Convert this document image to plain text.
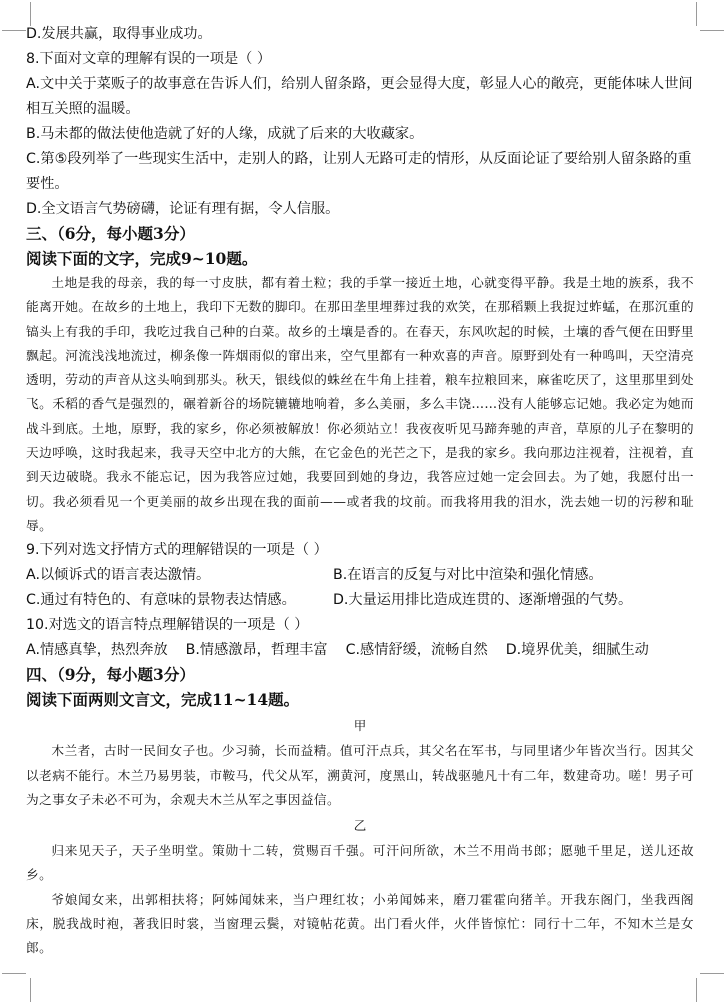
D.发展共赢，取得事业成功。
8.下面对文章的理解有误的一项是（ ）
A.文中关于菜贩子的故事意在告诉人们，给别人留条路，更会显得大度，彰显人心的敞亮，更能体味人世间相互关照的温暖。
B.马未都的做法使他造就了好的人缘，成就了后来的大收藏家。
C.第⑤段列举了一些现实生活中，走别人的路，让别人无路可走的情形，从反面论证了要给别人留条路的重要性。
D.全文语言气势磅礴，论证有理有据，令人信服。
三、（6分，每小题3分）
阅读下面的文字，完成9~10题。

土地是我的母亲，我的每一寸皮肤，都有着土粒；我的手掌一接近土地，心就变得平静。我是土地的族系，我不能离开她。在故乡的土地上，我印下无数的脚印。在那田垄里埋葬过我的欢笑，在那稻颗上我捉过蚱蜢，在那沉重的镐头上有我的手印，我吃过我自己种的白菜。故乡的土壤是香的。在春天，东风吹起的时候，土壤的香气便在田野里飘起。河流浅浅地流过，柳条像一阵烟雨似的窜出来，空气里都有一种欢喜的声音。原野到处有一种鸣叫，天空清亮透明，劳动的声音从这头响到那头。秋天，银线似的蛛丝在牛角上挂着，粮车拉粮回来，麻雀吃厌了，这里那里到处飞。禾稻的香气是强烈的，碾着新谷的场院辘辘地响着，多么美丽，多么丰饶……没有人能够忘记她。我必定为她而战斗到底。土地，原野，我的家乡，你必须被解放！你必须站立！我夜夜听见马蹄奔驰的声音，草原的儿子在黎明的天边呼唤，这时我起来，我寻天空中北方的大熊，在它金色的光芒之下，是我的家乡。我向那边注视着，注视着，直到天边破晓。我永不能忘记，因为我答应过她，我要回到她的身边，我答应过她一定会回去。为了她，我愿付出一切。我必须看见一个更美丽的故乡出现在我的面前——或者我的坟前。而我将用我的泪水，洗去她一切的污秽和耻辱。

9.下列对选文抒情方式的理解错误的一项是（ ）
A.以倾诉式的语言表达激情。	B.在语言的反复与对比中渲染和强化情感。
C.通过有特色的、有意味的景物表达情感。	D.大量运用排比造成连贯的、逐渐增强的气势。
10.对选文的语言特点理解错误的一项是（ ）
A.情感真挚，热烈奔放 B.情感激昂，哲理丰富 C.感情舒缓，流畅自然 D.境界优美，细腻生动
四、（9分，每小题3分）
阅读下面两则文言文，完成11~14题。
甲

木兰者，古时一民间女子也。少习骑，长而益精。值可汗点兵，其父名在军书，与同里诸少年皆次当行。因其父以老病不能行。木兰乃易男装，市鞍马，代父从军，溯黄河，度黑山，转战驱驰凡十有二年，数建奇功。嗟！男子可为之事女子未必不可为，余观夫木兰从军之事因益信。

乙

归来见天子，天子坐明堂。策勋十二转，赏赐百千强。可汗问所欲，木兰不用尚书郎；愿驰千里足，送儿还故乡。

爷娘闻女来，出郭相扶将；阿姊闻妹来，当户理红妆；小弟闻姊来，磨刀霍霍向猪羊。开我东阁门，坐我西阁床，脱我战时袍，著我旧时裳，当窗理云鬓，对镜帖花黄。出门看火伴，火伴皆惊忙：同行十二年，不知木兰是女郎。
